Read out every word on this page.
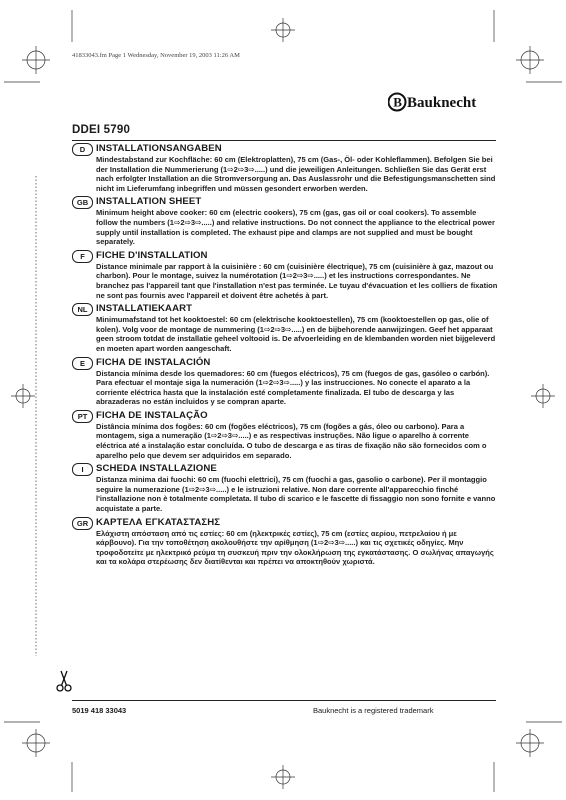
41833043.fm Page 1 Wednesday, November 19, 2003 11:26 AM
B Bauknecht
DDEI 5790
D	INSTALLATIONSANGABEN
Mindestabstand zur Kochfläche: 60 cm (Elektroplatten), 75 cm (Gas-, Öl- oder Kohleflammen). Befolgen Sie bei der Installation die Nummerierung (1⇨2⇨3⇨.....) und die jeweiligen Anleitungen. Schließen Sie das Gerät erst nach erfolgter Installation an die Stromversorgung an. Das Auslassrohr und die Befestigungsmanschetten sind nicht im Lieferumfang inbegriffen und müssen gesondert erworben werden.
GB INSTALLATION SHEET
Minimum height above cooker: 60 cm (electric cookers), 75 cm (gas, gas oil or coal cookers). To assemble follow the numbers (1⇨2⇨3⇨.....) and relative instructions. Do not connect the appliance to the electrical power supply until installation is completed. The exhaust pipe and clamps are not supplied and must be bought separately.
F	FICHE D'INSTALLATION
Distance minimale par rapport à la cuisinière : 60 cm (cuisinière électrique), 75 cm (cuisinière à gaz, mazout ou charbon). Pour le montage, suivez la numérotation (1⇨2⇨3⇨.....) et les instructions correspondantes. Ne branchez pas l'appareil tant que l'installation n'est pas terminée. Le tuyau d'évacuation et les colliers de fixation ne sont pas fournis avec l'appareil et doivent être achetés à part.
NL INSTALLATIEKAART
Minimumafstand tot het kooktoestel: 60 cm (elektrische kooktoestellen), 75 cm (kooktoestellen op gas, olie of kolen). Volg voor de montage de nummering (1⇨2⇨3⇨.....) en de bijbehorende aanwijzingen. Geef het apparaat geen stroom totdat de installatie geheel voltooid is. De afvoerleiding en de klembanden worden niet bijgeleverd en moeten apart worden aangeschaft.
E	FICHA DE INSTALACIÓN
Distancia mínima desde los quemadores: 60 cm (fuegos eléctricos), 75 cm (fuegos de gas, gasóleo o carbón). Para efectuar el montaje siga la numeración (1⇨2⇨3⇨.....) y las instrucciones. No conecte el aparato a la corriente eléctrica hasta que la instalación esté completamente finalizada. El tubo de descarga y las abrazaderas no están incluidos y se compran aparte.
PT FICHA DE INSTALAÇÃO
Distância mínima dos fogões: 60 cm (fogões eléctricos), 75 cm (fogões a gás, óleo ou carbono). Para a montagem, siga a numeração (1⇨2⇨3⇨.....) e as respectivas instruções. Não ligue o aparelho à corrente eléctrica até a instalação estar concluída. O tubo de descarga e as tiras de fixação não são fornecidos com o aparelho pelo que devem ser adquiridos em separado.
I	SCHEDA INSTALLAZIONE
Distanza minima dai fuochi: 60 cm (fuochi elettrici), 75 cm (fuochi a gas, gasolio o carbone). Per il montaggio seguire la numerazione (1⇨2⇨3⇨.....) e le istruzioni relative. Non dare corrente all'apparecchio finché l'installazione non è totalmente completata. Il tubo di scarico e le fascette di fissaggio non sono fornite e vanno acquistate a parte.
GR ΚΑΡΤΕΛΑ ΕΓΚΑΤΑΣΤΑΣΗΣ
Ελάχιστη απόσταση από τις εστίες: 60 cm (ηλεκτρικές εστίες), 75 cm (εστίες αερίου, πετρελαίου ή με κάρβουνο). Για την τοποθέτηση ακολουθήστε την αρίθμηση (1⇨2⇨3⇨.....) και τις σχετικές οδηγίες. Μην τροφοδοτείτε με ηλεκτρικό ρεύμα τη συσκευή πριν την ολοκλήρωση της εγκατάστασης. Ο σωλήνας απαγωγής και τα κολάρα στερέωσης δεν διατίθενται και πρέπει να αποκτηθούν χωριστά.
5019 418 33043	Bauknecht is a registered trademark
